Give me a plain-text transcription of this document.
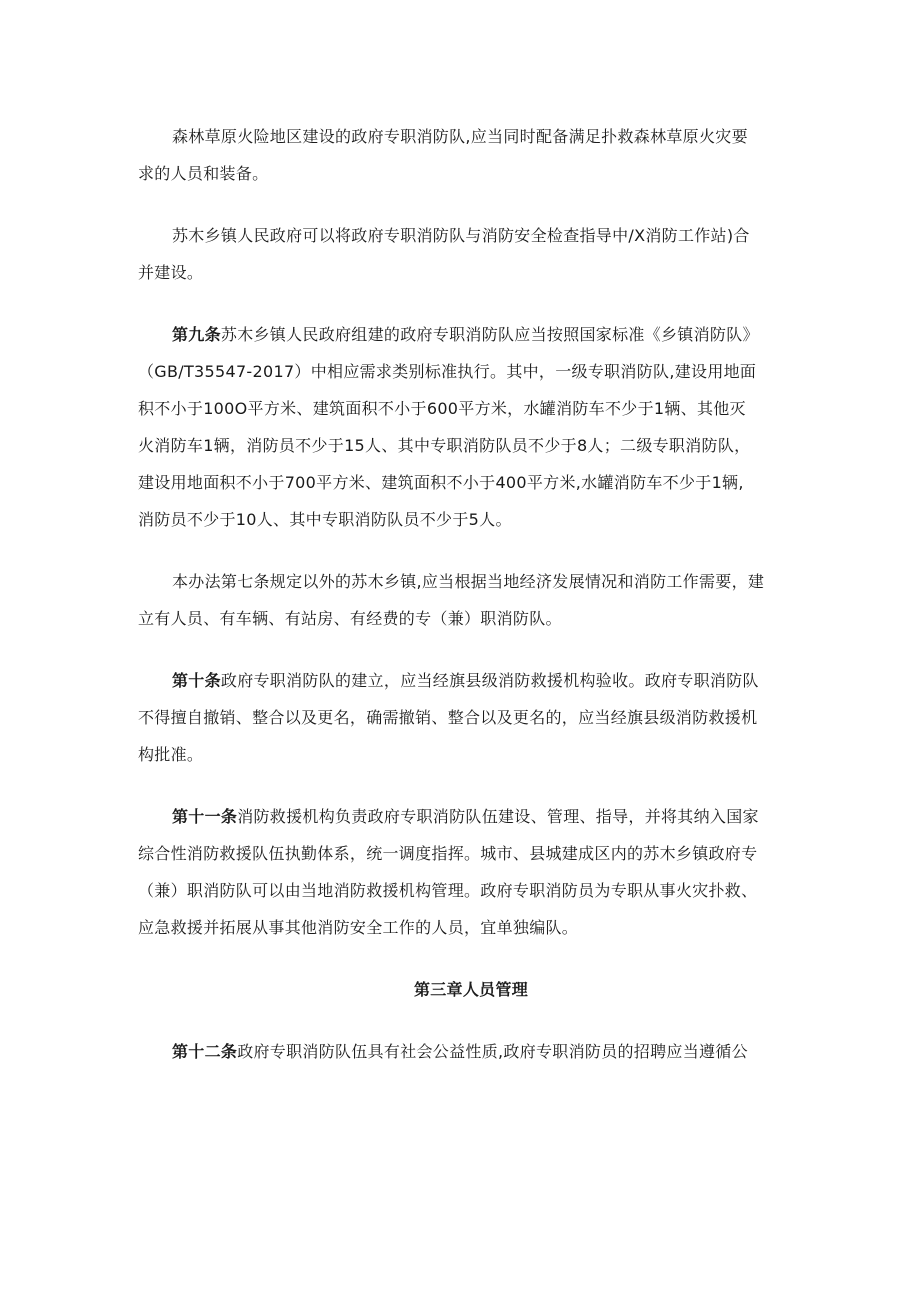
森林草原火险地区建设的政府专职消防队,应当同时配备满足扑救森林草原火灾要
求的人员和装备。

苏木乡镇人民政府可以将政府专职消防队与消防安全检查指导中/X消防工作站)合
并建设。

第九条苏木乡镇人民政府组建的政府专职消防队应当按照国家标准《乡镇消防队》
（GB/T35547-2017）中相应需求类别标准执行。其中，一级专职消防队,建设用地面
积不小于100O平方米、建筑面积不小于600平方米，水罐消防车不少于1辆、其他灭
火消防车1辆，消防员不少于15人、其中专职消防队员不少于8人；二级专职消防队，
建设用地面积不小于700平方米、建筑面积不小于400平方米,水罐消防车不少于1辆,
消防员不少于10人、其中专职消防队员不少于5人。

本办法第七条规定以外的苏木乡镇,应当根据当地经济发展情况和消防工作需要，建
立有人员、有车辆、有站房、有经费的专（兼）职消防队。

第十条政府专职消防队的建立，应当经旗县级消防救援机构验收。政府专职消防队
不得擅自撤销、整合以及更名，确需撤销、整合以及更名的，应当经旗县级消防救援机
构批准。

第十一条消防救援机构负责政府专职消防队伍建设、管理、指导，并将其纳入国家
综合性消防救援队伍执勤体系，统一调度指挥。城市、县城建成区内的苏木乡镇政府专
（兼）职消防队可以由当地消防救援机构管理。政府专职消防员为专职从事火灾扑救、
应急救援并拓展从事其他消防安全工作的人员，宜单独编队。

第三章人员管理

第十二条政府专职消防队伍具有社会公益性质,政府专职消防员的招聘应当遵循公
